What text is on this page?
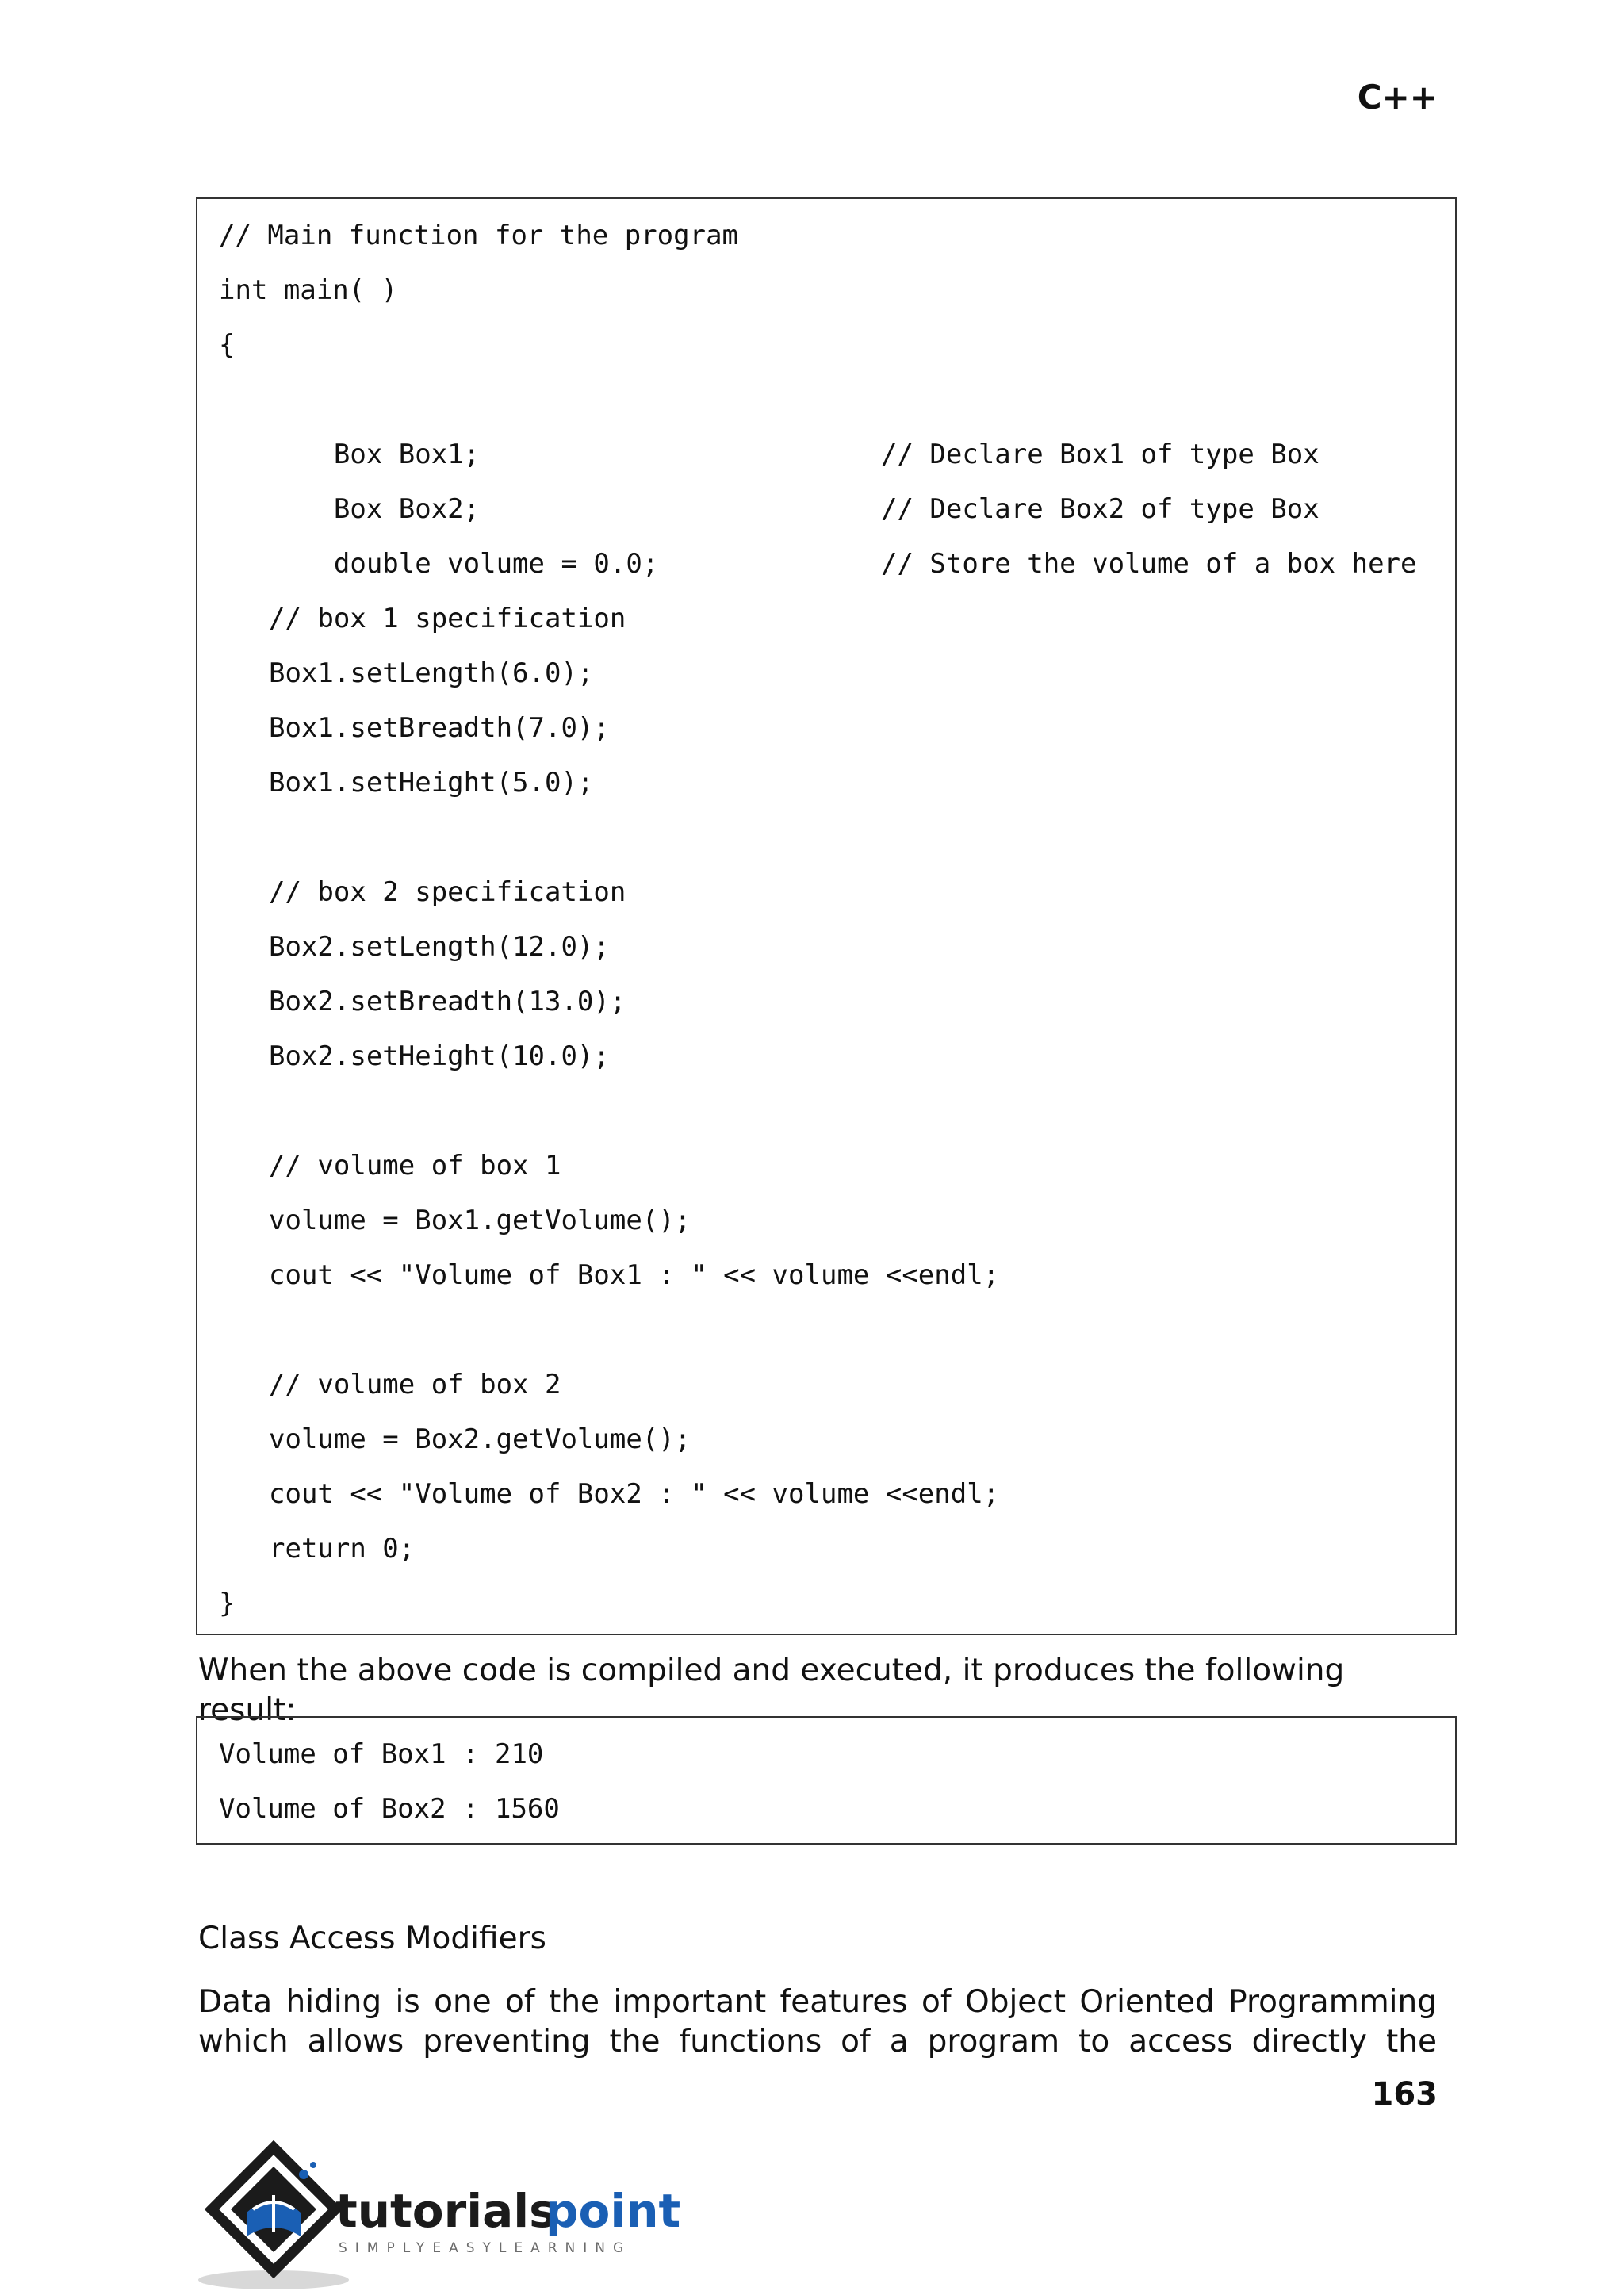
C++
// Main function for the program
int main( )
{

Box Box1;	// Declare Box1 of type Box

Box Box2;	// Declare Box2 of type Box

double volume = 0.0;	// Store the volume of a box here

// box 1 specification
Box1.setLength(6.0);
Box1.setBreadth(7.0);
Box1.setHeight(5.0);
// box 2 specification
Box2.setLength(12.0);
Box2.setBreadth(13.0);
Box2.setHeight(10.0);
// volume of box 1
volume = Box1.getVolume();
cout << "Volume of Box1 : " << volume <<endl;
// volume of box 2
volume = Box2.getVolume();
cout << "Volume of Box2 : " << volume <<endl;
return 0;
}
When the above code is compiled and executed, it produces the following result:
Volume of Box1 : 210
Volume of Box2 : 1560
Class Access Modifiers
Data hiding is one of the important features of Object Oriented Programming
which allows preventing the functions of a program to access directly the
163
tutorials
point
SIMPLYEASYLEARNING
